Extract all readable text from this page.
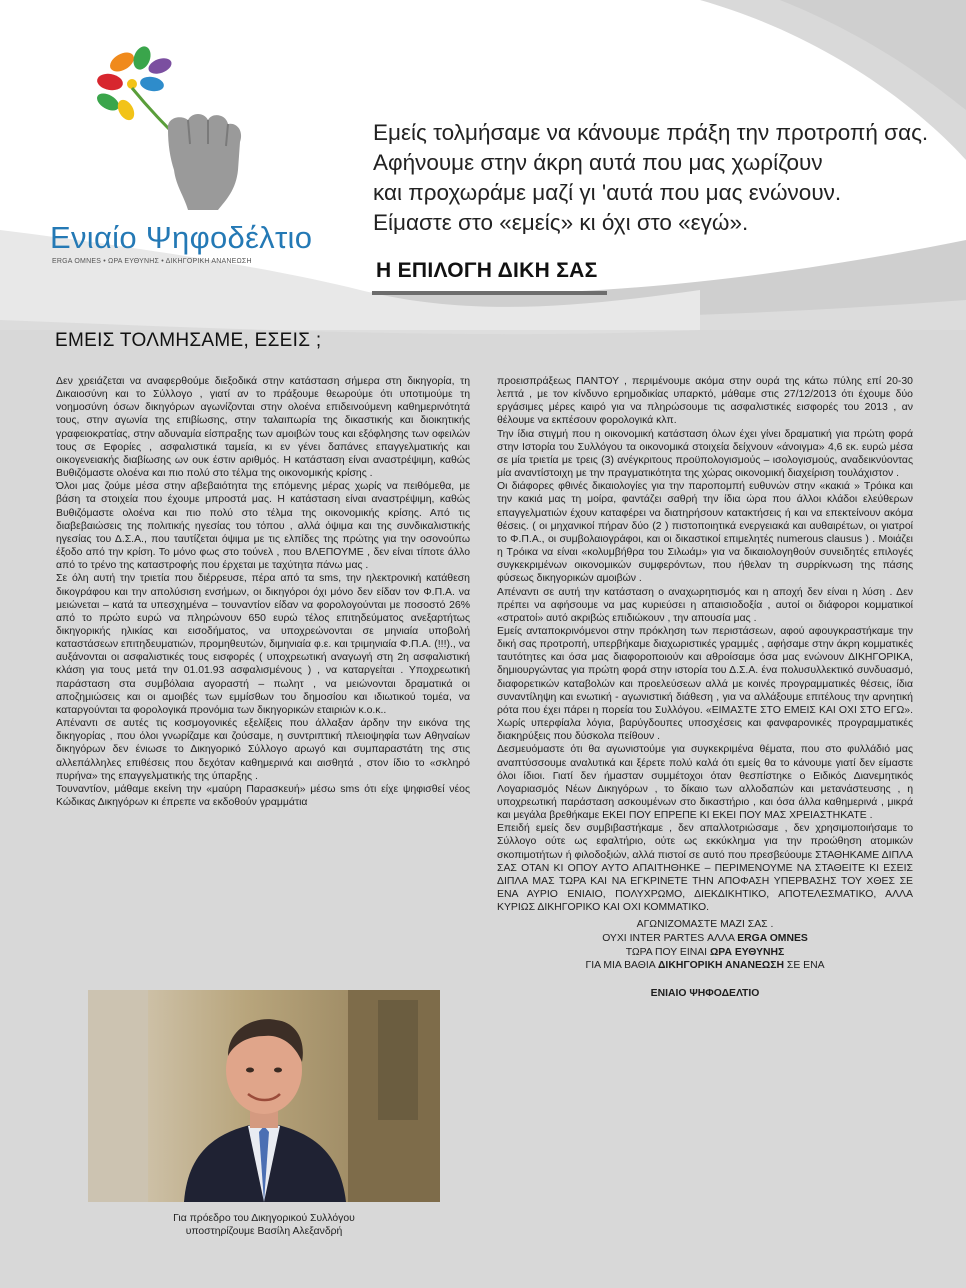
Ενιαίο Ψηφοδέλτιο
ERGA OMNES • ΩΡΑ ΕΥΘΥΝΗΣ • ΔΙΚΗΓΟΡΙΚΗ ΑΝΑΝΕΩΣΗ

Εμείς τολμήσαμε να κάνουμε πράξη την προτροπή σας.

Αφήνουμε στην άκρη αυτά που μας χωρίζουν

και προχωράμε μαζί γι 'αυτά που μας ενώνουν.

Είμαστε στο «εμείς» κι όχι στο «εγώ».

Η ΕΠΙΛΟΓΗ ΔΙΚΗ ΣΑΣ
ΕΜΕΙΣ ΤΟΛΜΗΣΑΜΕ, ΕΣΕΙΣ ;

Δεν χρειάζεται να αναφερθούμε διεξοδικά στην κατάσταση σήμερα στη δικηγορία, τη Δικαιοσύνη και το Σύλλογο , γιατί αν το πράξουμε θεωρούμε ότι υποτιμούμε τη νοημοσύνη όσων δικηγόρων αγωνίζονται στην ολοένα επιδεινούμενη καθημερινότητά τους, στην αγωνία της επιβίωσης, στην ταλαιπωρία της δικαστικής και διοικητικής γραφειοκρατίας, στην αδυναμία είσπραξης των αμοιβών τους και εξόφλησης των οφειλών τους σε Εφορίες , ασφαλιστικά ταμεία, κι εν γένει δαπάνες επαγγελματικής και οικογενειακής διαβίωσης ων ουκ έστιν αριθμός. Η κατάσταση είναι αναστρέψιμη, καθώς Βυθιζόμαστε ολοένα και πιο πολύ στο τέλμα της οικονομικής κρίσης .

Όλοι μας ζούμε μέσα στην αβεβαιότητα της επόμενης μέρας χωρίς να πειθόμεθα, με βάση τα στοιχεία που έχουμε μπροστά μας. Η κατάσταση είναι αναστρέψιμη, καθώς Βυθιζόμαστε ολοένα και πιο πολύ στο τέλμα της οικονομικής κρίσης. Από τις διαβεβαιώσεις της πολιτικής ηγεσίας του τόπου , αλλά όψιμα και της συνδικαλιστικής ηγεσίας του Δ.Σ.Α., που ταυτίζεται όψιμα με τις ελπίδες της πρώτης για την οσονούπω έξοδο από την κρίση. Το μόνο φως στο τούνελ , που ΒΛΕΠΟΥΜΕ , δεν είναι τίποτε άλλο από το τρένο της καταστροφής που έρχεται με ταχύτητα πάνω μας .

Σε όλη αυτή την τριετία που διέρρευσε, πέρα από τα sms, την ηλεκτρονική κατάθεση δικογράφου και την απολύσιση ενσήμων, οι δικηγόροι όχι μόνο δεν είδαν τον Φ.Π.Α. να μειώνεται – κατά τα υπεσχημένα – τουναντίον είδαν να φορολογούνται με ποσοστό 26% από το πρώτο ευρώ να πληρώνουν 650 ευρώ τέλος επιτηδεύματος ανεξαρτήτως δικηγορικής ηλικίας και εισοδήματος, να υποχρεώνονται σε μηνιαία υποβολή καταστάσεων επιτηδευματιών, προμηθευτών, διμηνιαία φ.ε. και τριμηνιαία Φ.Π.Α. (!!!)., να αυξάνονται οι ασφαλιστικές τους εισφορές ( υποχρεωτική αναγωγή στη 2η ασφαλιστική κλάση για τους μετά την 01.01.93 ασφαλισμένους ) , να καταργείται . Υποχρεωτική παράσταση στα συμβόλαια αγοραστή – πωλητ , να μειώνονται δραματικά οι αποζημιώσεις και οι αμοιβές των εμμίσθων του δημοσίου και ιδιωτικού τομέα, να καταργούνται τα φορολογικά προνόμια των δικηγορικών εταιριών κ.ο.κ..

Απέναντι σε αυτές τις κοσμογονικές εξελίξεις που άλλαξαν άρδην την εικόνα της δικηγορίας , που όλοι γνωρίζαμε και ζούσαμε, η συντριπτική πλειοψηφία των Αθηναίων δικηγόρων δεν ένιωσε το Δικηγορικό Σύλλογο αρωγό και συμπαραστάτη της στις αλλεπάλληλες επιθέσεις που δεχόταν καθημερινά και αισθητά , στον ίδιο το «σκληρό πυρήνα» της επαγγελματικής της ύπαρξης .

Τουναντίον, μάθαμε εκείνη την «μαύρη Παρασκευή» μέσω sms ότι είχε ψηφισθεί νέος Κώδικας Δικηγόρων κι έπρεπε να εκδοθούν γραμμάτια

προεισπράξεως ΠΑΝΤΟΥ , περιμένουμε ακόμα στην ουρά της κάτω πύλης επί 20-30 λεπτά , με τον κίνδυνο ερημοδικίας υπαρκτό, μάθαμε στις 27/12/2013 ότι έχουμε δύο εργάσιμες μέρες καιρό για να πληρώσουμε τις ασφαλιστικές εισφορές του 2013 , αν θέλουμε να εκπέσουν φορολογικά κλπ.

Την ίδια στιγμή που η οικονομική κατάσταση όλων έχει γίνει δραματική για πρώτη φορά στην Ιστορία του Συλλόγου τα οικονομικά στοιχεία δείχνουν «άνοιγμα» 4,6 εκ. ευρώ μέσα σε μία τριετία με τρεις (3) ανέγκριτους προϋπολογισμούς – ισολογισμούς, αναδεικνύοντας μία αναντίστοιχη με την πραγματικότητα της χώρας οικονομική διαχείριση τουλάχιστον .

Οι διάφορες φθινές δικαιολογίες για την παροπομπή ευθυνών στην «κακιά » Τρόικα και την κακιά μας τη μοίρα, φαντάζει σαθρή την ίδια ώρα που άλλοι κλάδοι ελεύθερων επαγγελματιών έχουν καταφέρει να διατηρήσουν κατακτήσεις ή και να επεκτείνουν ακόμα θέσεις. ( οι μηχανικοί πήραν δύο (2 ) πιστοποιητικά ενεργειακά και αυθαιρέτων, οι γιατροί το Φ.Π.Α., οι συμβολαιογράφοι, και οι δικαστικοί επιμελητές numerous clausus ) . Μοιάζει η Τρόικα να είναι «κολυμβήθρα του Σιλωάμ» για να δικαιολογηθούν συνειδητές επιλογές συγκεκριμένων οικονομικών συμφερόντων, που ήθελαν τη συρρίκνωση της πάσης φύσεως δικηγορικών αμοιβών .

Απέναντι σε αυτή την κατάσταση ο αναχωρητισμός και η αποχή δεν είναι η λύση . Δεν πρέπει να αφήσουμε να μας κυριεύσει η απαισιοδοξία , αυτοί οι διάφοροι κομματικοί «στρατοί» αυτό ακριβώς επιδιώκουν , την απουσία μας .

Εμείς ανταποκρινόμενοι στην πρόκληση των περιστάσεων, αφού αφουγκραστήκαμε την δική σας προτροπή, υπερβήκαμε διαχωριστικές γραμμές , αφήσαμε στην άκρη κομματικές ταυτότητες και όσα μας διαφοροποιούν και αθροίσαμε όσα μας ενώνουν ΔΙΚΗΓΟΡΙΚΑ, δημιουργώντας για πρώτη φορά στην ιστορία του Δ.Σ.Α. ένα πολυσυλλεκτικό συνδυασμό, διαφορετικών καταβολών και προελεύσεων αλλά με κοινές προγραμματικές θέσεις, ίδια συναντίληψη και ενωτική - αγωνιστική διάθεση , για να αλλάξουμε επιτέλους την αρνητική ρότα που έχει πάρει η πορεία του Συλλόγου. «ΕΙΜΑΣΤΕ ΣΤΟ ΕΜΕΙΣ ΚΑΙ ΟΧΙ ΣΤΟ ΕΓΩ». Χωρίς υπερφίαλα λόγια, βαρύγδουπες υποσχέσεις και φανφαρονικές προγραμματικές διακηρύξεις που δύσκολα πείθουν .

Δεσμευόμαστε ότι θα αγωνιστούμε για συγκεκριμένα θέματα, που στο φυλλάδιό μας αναπτύσσουμε αναλυτικά και ξέρετε πολύ καλά ότι εμείς θα το κάνουμε γιατί δεν είμαστε όλοι ίδιοι. Γιατί δεν ήμασταν συμμέτοχοι όταν θεσπίστηκε ο Ειδικός Διανεμητικός Λογαριασμός Νέων Δικηγόρων , το δίκαιο των αλλοδαπών και μετανάστευσης , η υποχρεωτική παράσταση ασκουμένων στο δικαστήριο , και όσα άλλα καθημερινά , μικρά και μεγάλα βρεθήκαμε ΕΚΕΙ ΠΟΥ ΕΠΡΕΠΕ ΚΙ ΕΚΕΙ ΠΟΥ ΜΑΣ ΧΡΕΙΑΣΤΗΚΑΤΕ .

Επειδή εμείς δεν συμβιβαστήκαμε , δεν απαλλοτριώσαμε , δεν χρησιμοποιήσαμε το Σύλλογο ούτε ως εφαλτήριο, ούτε ως εκκύκλημα για την προώθηση ατομικών σκοπιμοτήτων ή φιλοδοξιών, αλλά πιστοί σε αυτό που πρεσβεύουμε ΣΤΑΘΗΚΑΜΕ ΔΙΠΛΑ ΣΑΣ ΟΤΑΝ ΚΙ ΟΠΟΥ ΑΥΤΟ ΑΠΑΙΤΗΘΗΚΕ – ΠΕΡΙΜΕΝΟΥΜΕ ΝΑ ΣΤΑΘΕΙΤΕ ΚΙ ΕΣΕΙΣ ΔΙΠΛΑ ΜΑΣ ΤΩΡΑ ΚΑΙ ΝΑ ΕΓΚΡΙΝΕΤΕ ΤΗΝ ΑΠΟΦΑΣΗ ΥΠΕΡΒΑΣΗΣ ΤΟΥ ΧΘΕΣ ΣΕ ΕΝΑ ΑΥΡΙΟ ΕΝΙΑΙΟ, ΠΟΛΥΧΡΩΜΟ, ΔΙΕΚΔΙΚΗΤΙΚΟ, ΑΠΟΤΕΛΕΣΜΑΤΙΚΟ, ΑΛΛΑ ΚΥΡΙΩΣ ΔΙΚΗΓΟΡΙΚΟ ΚΑΙ ΟΧΙ ΚΟΜΜΑΤΙΚΟ.

ΑΓΩΝΙΖΟΜΑΣΤΕ ΜΑΖΙ ΣΑΣ .
ΟΥΧΙ INTER PARTES ΑΛΛΑ ERGA OMNES
ΤΩΡΑ ΠΟΥ ΕΙΝΑΙ ΩΡΑ ΕΥΘΥΝΗΣ
ΓΙΑ ΜΙΑ ΒΑΘΙΑ ΔΙΚΗΓΟΡΙΚΗ ΑΝΑΝΕΩΣΗ ΣΕ ΕΝΑ
ΕΝΙΑΙΟ ΨΗΦΟΔΕΛΤΙΟ
Για πρόεδρο του Δικηγορικού Συλλόγου
υποστηρίζουμε Βασίλη Αλεξανδρή
